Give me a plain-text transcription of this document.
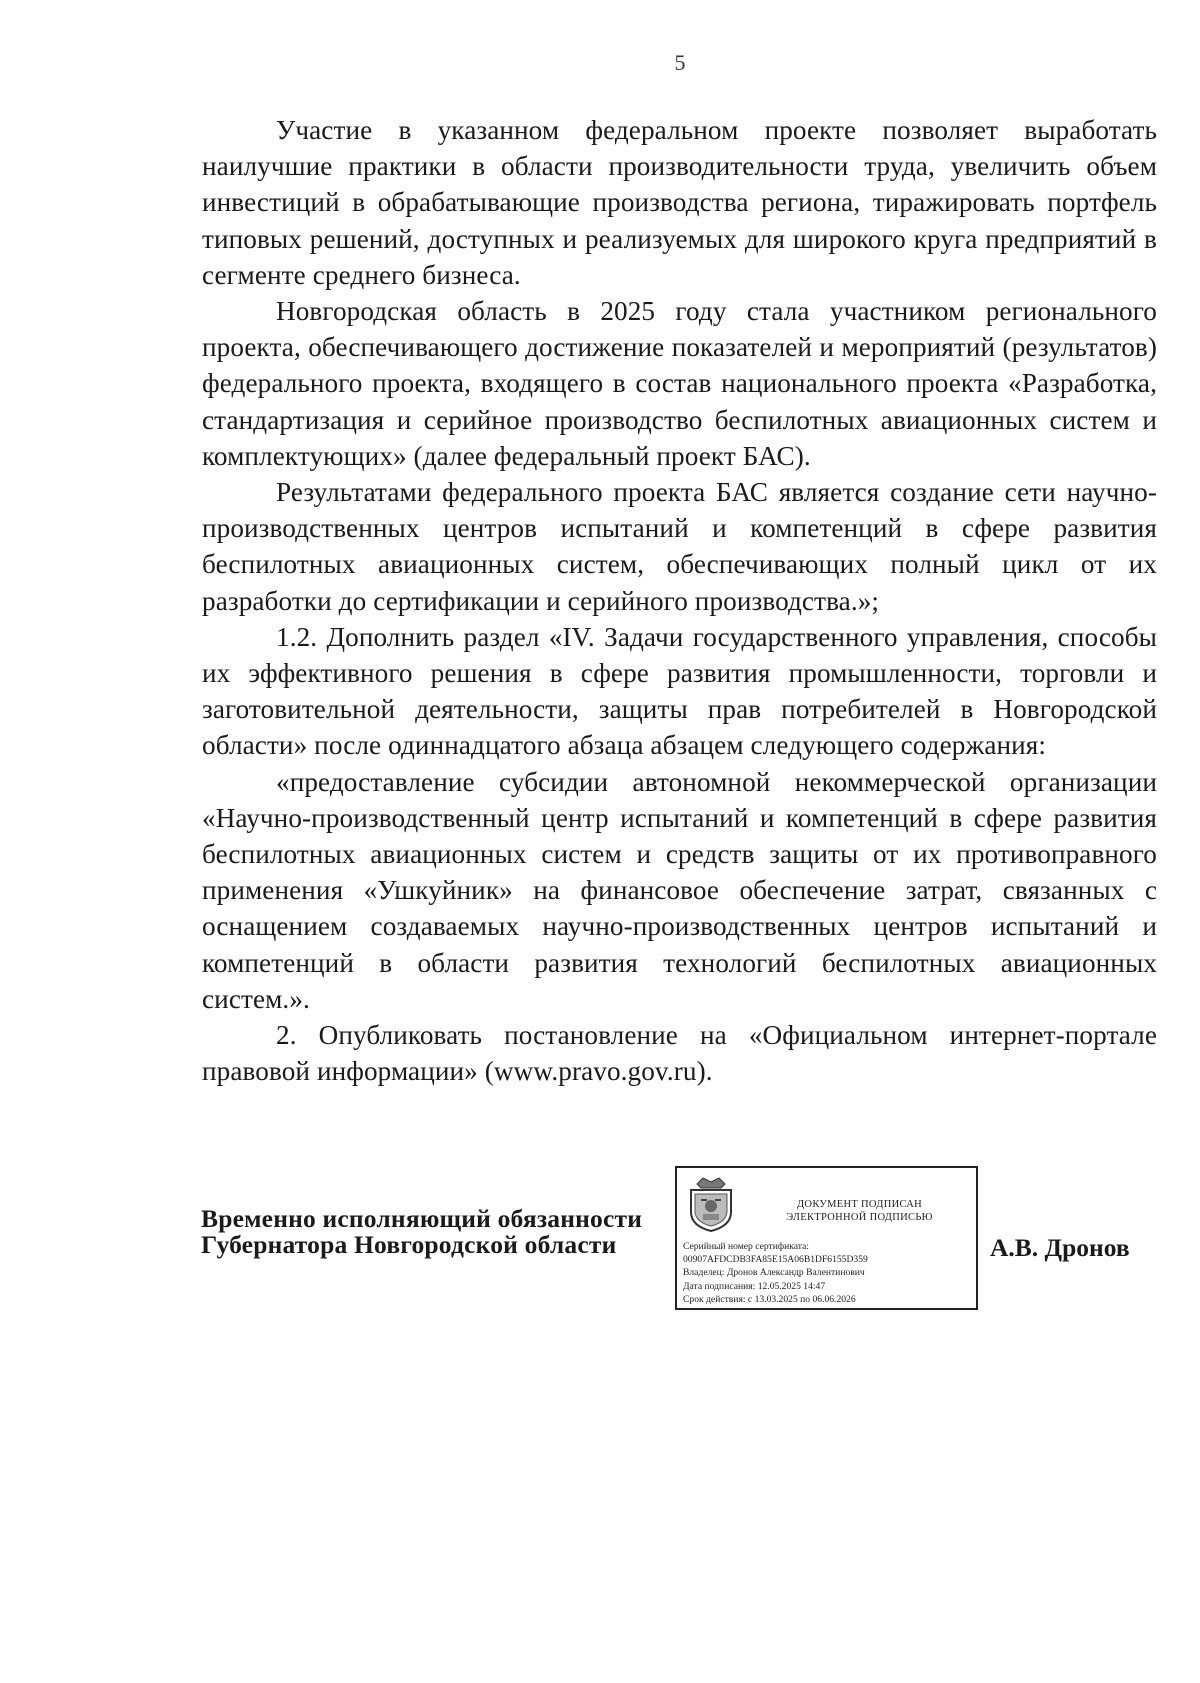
5

Участие в указанном федеральном проекте позволяет выработать наилучшие практики в области производительности труда, увеличить объем инвестиций в обрабатывающие производства региона, тиражировать портфель типовых решений, доступных и реализуемых для широкого круга предприятий в сегменте среднего бизнеса.

Новгородская область в 2025 году стала участником регионального проекта, обеспечивающего достижение показателей и мероприятий (результатов) федерального проекта, входящего в состав национального проекта «Разработка, стандартизация и серийное производство беспилотных авиационных систем и комплектующих» (далее федеральный проект БАС).

Результатами федерального проекта БАС является создание сети научно-производственных центров испытаний и компетенций в сфере развития беспилотных авиационных систем, обеспечивающих полный цикл от их разработки до сертификации и серийного производства.»;

1.2. Дополнить раздел «IV. Задачи государственного управления, способы их эффективного решения в сфере развития промышленности, торговли и заготовительной деятельности, защиты прав потребителей в Новгородской области» после одиннадцатого абзаца абзацем следующего содержания:

«предоставление субсидии автономной некоммерческой организации «Научно-производственный центр испытаний и компетенций в сфере развития беспилотных авиационных систем и средств защиты от их противоправного применения «Ушкуйник» на финансовое обеспечение затрат, связанных с оснащением создаваемых научно-производственных центров испытаний и компетенций в области развития технологий беспилотных авиационных систем.».

2. Опубликовать постановление на «Официальном интернет-портале правовой информации» (www.pravo.gov.ru).

Временно исполняющий обязанности
Губернатора Новгородской области
ДОКУМЕНТ ПОДПИСАН
ЭЛЕКТРОННОЙ ПОДПИСЬЮ
Серийный номер сертификата:
00907AFDCDB3FA85E15A06B1DF6155D359
Владелец: Дронов Александр Валентинович
Дата подписания: 12.05.2025 14:47
Срок действия: с 13.03.2025 по 06.06.2026
А.В. Дронов
